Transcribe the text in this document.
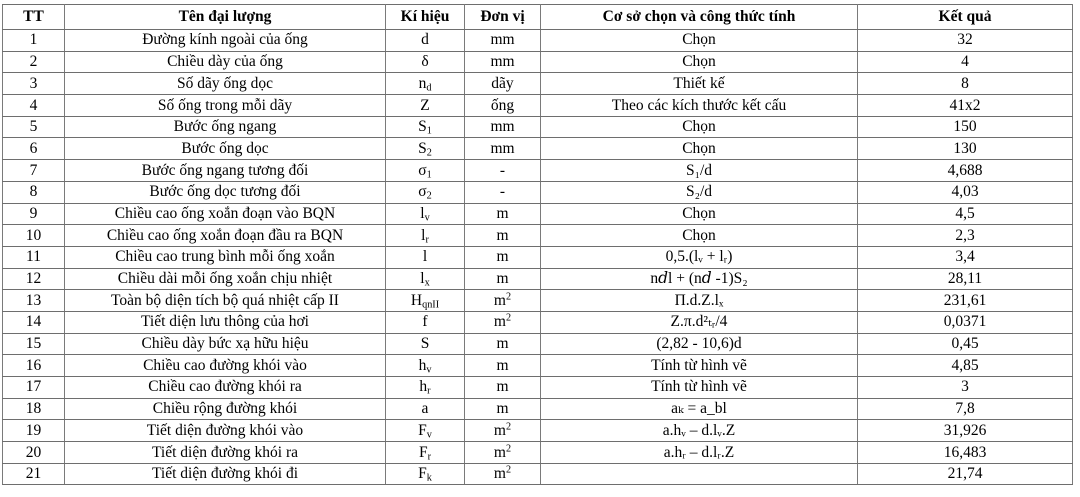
TT	Tên đại lượng	Kí hiệu	Đơn vị	Cơ sở chọn và công thức tính	Kết quả
1	Đường kính ngoài của ống	d	mm	Chọn	32
2	Chiều dày của ống	δ	mm	Chọn	4
3	Số dãy ống dọc	$n_d$	dãy	Thiết kế	8
4	Số ống trong mỗi dãy	Z	ống	Theo các kích thước kết cấu	41x2
5	Bước ống ngang	$S_1$	mm	Chọn	150
6	Bước ống dọc	$S_2$	mm	Chọn	130
7	Bước ống ngang tương đối	$\sigma_1$	-	S₁/d	4,688
8	Bước ống dọc tương đối	$\sigma_2$	-	S₂/d	4,03
9	Chiều cao ống xoắn đoạn vào BQN	$l_v$	m	Chọn	4,5
10	Chiều cao ống xoắn đoạn đầu ra BQN	$l_r$	m	Chọn	2,3
11	Chiều cao trung bình mỗi ống xoắn	l	m	0,5.(lᵥ + lᵣ)	3,4
12	Chiều dài mỗi ống xoắn chịu nhiệt	$l_x$	m	n𝑑l + (n𝑑 -1)S₂	28,11
13	Toàn bộ diện tích bộ quá nhiệt cấp II	$H_{qnII}$	$m^2$	Π.d.Z.lₓ	231,61
14	Tiết diện lưu thông của hơi	f	$m^2$	Z.π.d²ₜᵣ/4	0,0371
15	Chiều dày bức xạ hữu hiệu	S	m	(2,82 - 10,6)d	0,45
16	Chiều cao đường khói vào	$h_v$	m	Tính từ hình vẽ	4,85
17	Chiều cao đường khói ra	$h_r$	m	Tính từ hình vẽ	3
18	Chiều rộng đường khói	a	m	aₖ = a_bl	7,8
19	Tiết diện đường khói vào	$F_v$	$m^2$	a.hᵥ – d.lᵥ.Z	31,926
20	Tiết diện đường khói ra	$F_r$	$m^2$	a.hᵣ – d.lᵣ.Z	16,483
21	Tiết diện đường khói đi	$F_k$	$m^2$		21,74
